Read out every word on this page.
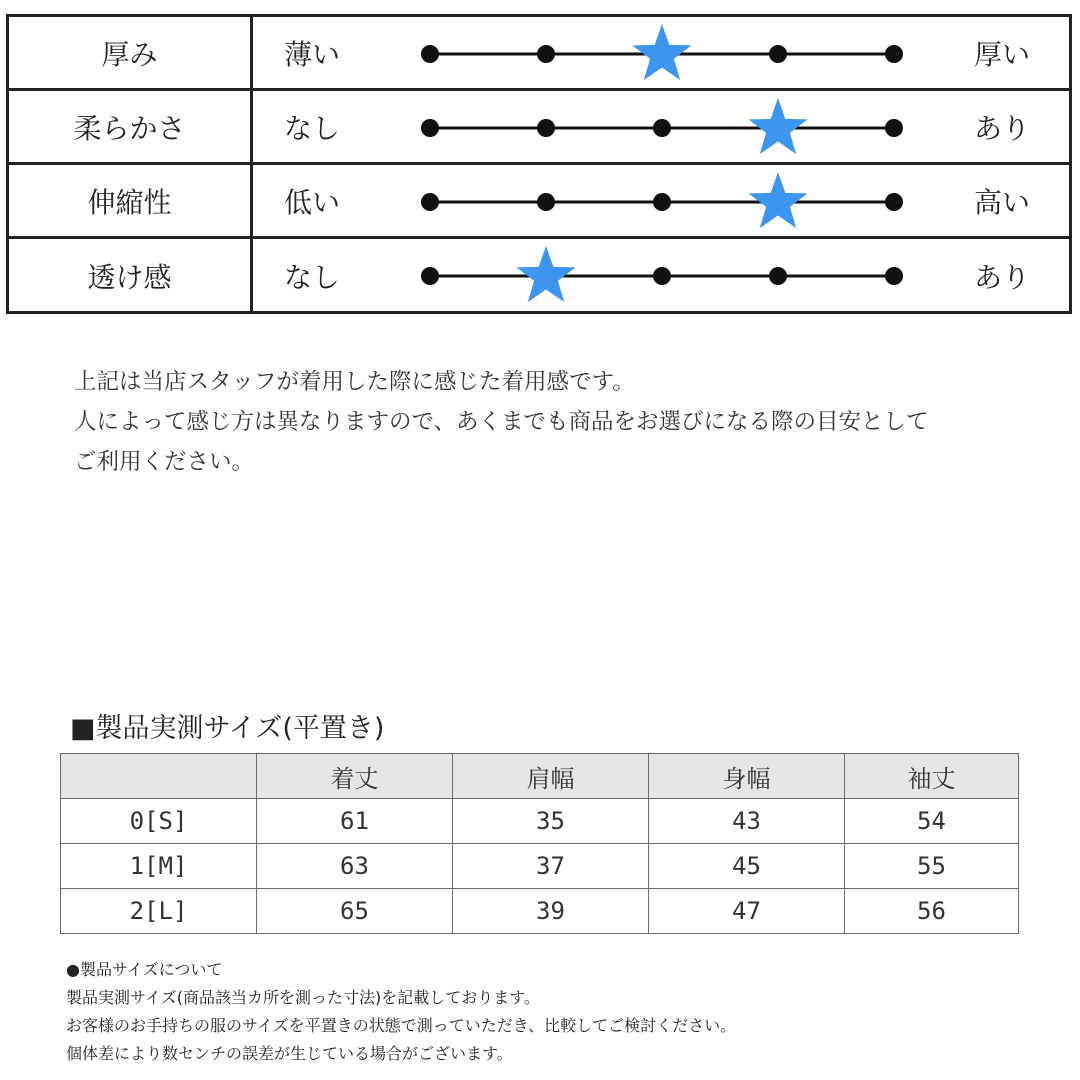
厚み	薄い	厚い
柔らかさ	なし	あり
伸縮性	低い	高い
透け感	なし	あり
上記は当店スタッフが着用した際に感じた着用感です。
人によって感じ方は異なりますので、あくまでも商品をお選びになる際の目安として
ご利用ください。
■製品実測サイズ(平置き)
	着丈	肩幅	身幅	袖丈
0[S]	61	35	43	54
1[M]	63	37	45	55
2[L]	65	39	47	56
●製品サイズについて
製品実測サイズ(商品該当カ所を測った寸法)を記載しております。
お客様のお手持ちの服のサイズを平置きの状態で測っていただき、比較してご検討ください。
個体差により数センチの誤差が生じている場合がございます。
